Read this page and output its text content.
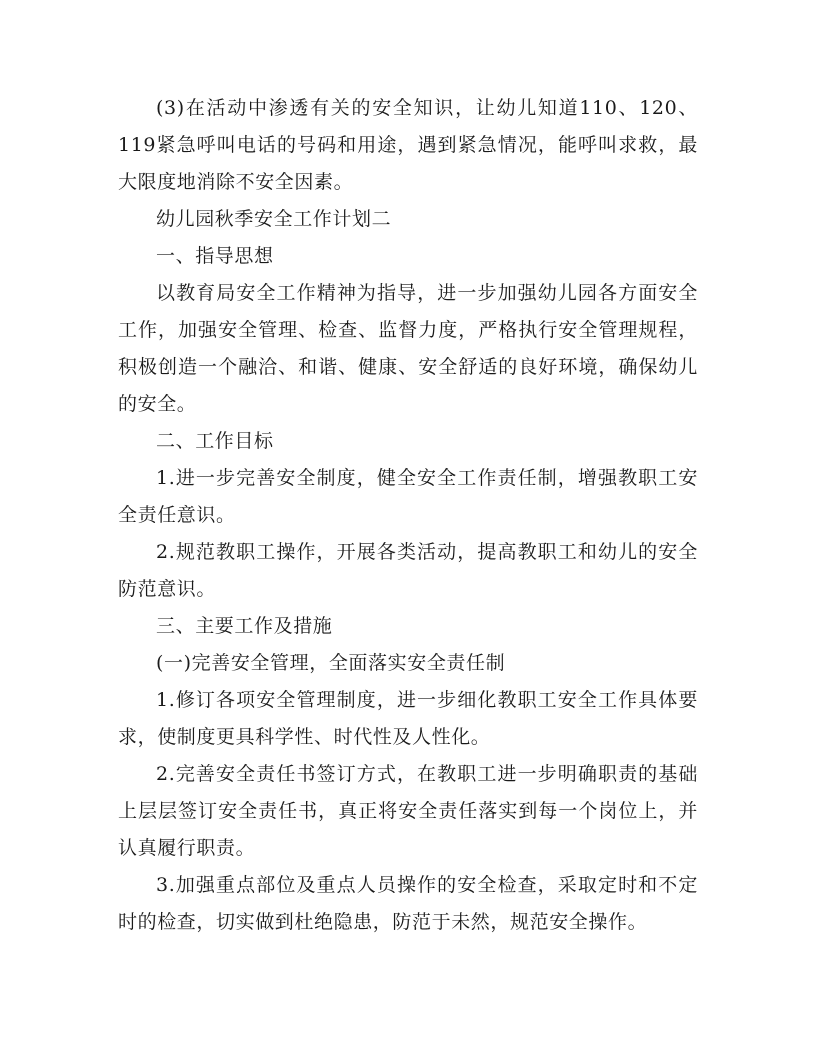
(3)在活动中渗透有关的安全知识，让幼儿知道110、120、119紧急呼叫电话的号码和用途，遇到紧急情况，能呼叫求救，最大限度地消除不安全因素。

幼儿园秋季安全工作计划二

一、指导思想

以教育局安全工作精神为指导，进一步加强幼儿园各方面安全工作，加强安全管理、检查、监督力度，严格执行安全管理规程，积极创造一个融洽、和谐、健康、安全舒适的良好环境，确保幼儿的安全。

二、工作目标

1.进一步完善安全制度，健全安全工作责任制，增强教职工安全责任意识。

2.规范教职工操作，开展各类活动，提高教职工和幼儿的安全防范意识。

三、主要工作及措施

(一)完善安全管理，全面落实安全责任制

1.修订各项安全管理制度，进一步细化教职工安全工作具体要求，使制度更具科学性、时代性及人性化。

2.完善安全责任书签订方式，在教职工进一步明确职责的基础上层层签订安全责任书，真正将安全责任落实到每一个岗位上，并认真履行职责。

3.加强重点部位及重点人员操作的安全检查，采取定时和不定时的检查，切实做到杜绝隐患，防范于未然，规范安全操作。
